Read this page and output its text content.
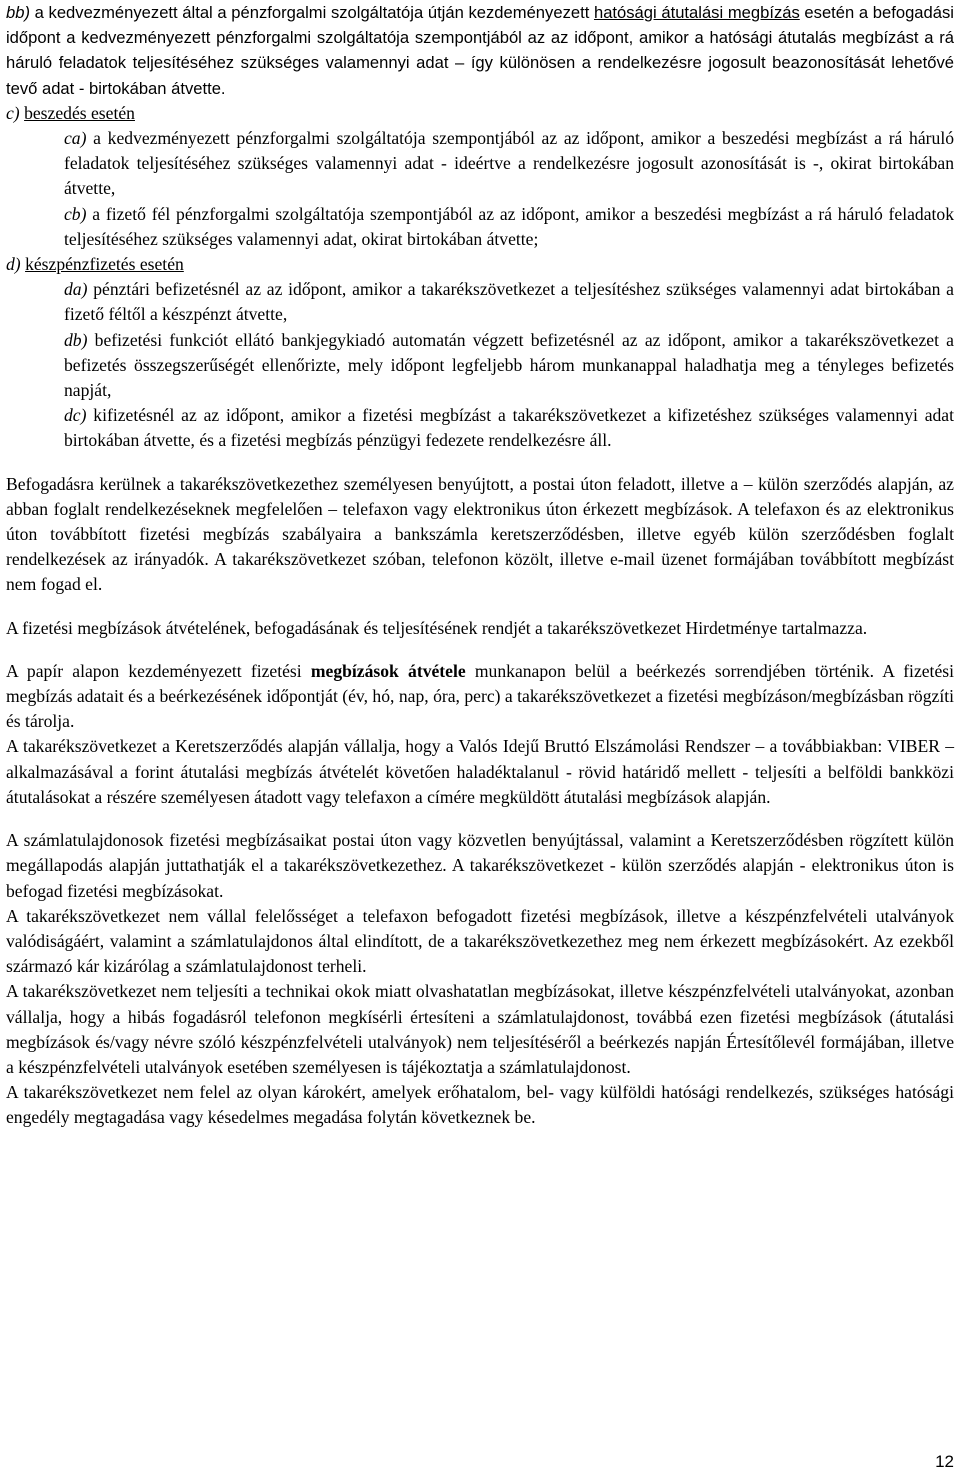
bb) a kedvezményezett által a pénzforgalmi szolgáltatója útján kezdeményezett hatósági átutalási megbízás esetén a befogadási időpont a kedvezményezett pénzforgalmi szolgáltatója szempontjából az az időpont, amikor a hatósági átutalás megbízást a rá háruló feladatok teljesítéséhez szükséges valamennyi adat – így különösen a rendelkezésre jogosult beazonosítását lehetővé tevő adat - birtokában átvette.

c) beszedés esetén

ca) a kedvezményezett pénzforgalmi szolgáltatója szempontjából az az időpont, amikor a beszedési megbízást a rá háruló feladatok teljesítéséhez szükséges valamennyi adat - ideértve a rendelkezésre jogosult azonosítását is -, okirat birtokában átvette,

cb) a fizető fél pénzforgalmi szolgáltatója szempontjából az az időpont, amikor a beszedési megbízást a rá háruló feladatok teljesítéséhez szükséges valamennyi adat, okirat birtokában átvette;

d) készpénzfizetés esetén

da) pénztári befizetésnél az az időpont, amikor a takarékszövetkezet a teljesítéshez szükséges valamennyi adat birtokában a fizető féltől a készpénzt átvette,

db) befizetési funkciót ellátó bankjegykiadó automatán végzett befizetésnél az az időpont, amikor a takarékszövetkezet a befizetés összegszerűségét ellenőrizte, mely időpont legfeljebb három munkanappal haladhatja meg a tényleges befizetés napját,

dc) kifizetésnél az az időpont, amikor a fizetési megbízást a takarékszövetkezet a kifizetéshez szükséges valamennyi adat birtokában átvette, és a fizetési megbízás pénzügyi fedezete rendelkezésre áll.

Befogadásra kerülnek a takarékszövetkezethez személyesen benyújtott, a postai úton feladott, illetve a – külön szerződés alapján, az abban foglalt rendelkezéseknek megfelelően – telefaxon vagy elektronikus úton érkezett megbízások. A telefaxon és az elektronikus úton továbbított fizetési megbízás szabályaira a bankszámla keretszerződésben, illetve egyéb külön szerződésben foglalt rendelkezések az irányadók. A takarékszövetkezet szóban, telefonon közölt, illetve e-mail üzenet formájában továbbított megbízást nem fogad el.

A fizetési megbízások átvételének, befogadásának és teljesítésének rendjét a takarékszövetkezet Hirdetménye tartalmazza.

A papír alapon kezdeményezett fizetési megbízások átvétele munkanapon belül a beérkezés sorrendjében történik. A fizetési megbízás adatait és a beérkezésének időpontját (év, hó, nap, óra, perc) a takarékszövetkezet a fizetési megbízáson/megbízásban rögzíti és tárolja.

A takarékszövetkezet a Keretszerződés alapján vállalja, hogy a Valós Idejű Bruttó Elszámolási Rendszer – a továbbiakban: VIBER – alkalmazásával a forint átutalási megbízás átvételét követően haladéktalanul - rövid határidő mellett - teljesíti a belföldi bankközi átutalásokat a részére személyesen átadott vagy telefaxon a címére megküldött átutalási megbízások alapján.

A számlatulajdonosok fizetési megbízásaikat postai úton vagy közvetlen benyújtással, valamint a Keretszerződésben rögzített külön megállapodás alapján juttathatják el a takarékszövetkezethez. A takarékszövetkezet - külön szerződés alapján - elektronikus úton is befogad fizetési megbízásokat.

A takarékszövetkezet nem vállal felelősséget a telefaxon befogadott fizetési megbízások, illetve a készpénzfelvételi utalványok valódiságáért, valamint a számlatulajdonos által elindított, de a takarékszövetkezethez meg nem érkezett megbízásokért. Az ezekből származó kár kizárólag a számlatulajdonost terheli.

A takarékszövetkezet nem teljesíti a technikai okok miatt olvashatatlan megbízásokat, illetve készpénzfelvételi utalványokat, azonban vállalja, hogy a hibás fogadásról telefonon megkísérli értesíteni a számlatulajdonost, továbbá ezen fizetési megbízások (átutalási megbízások és/vagy névre szóló készpénzfelvételi utalványok) nem teljesítéséről a beérkezés napján Értesítőlevél formájában, illetve a készpénzfelvételi utalványok esetében személyesen is tájékoztatja a számlatulajdonost.

A takarékszövetkezet nem felel az olyan károkért, amelyek erőhatalom, bel- vagy külföldi hatósági rendelkezés, szükséges hatósági engedély megtagadása vagy késedelmes megadása folytán következnek be.

12
